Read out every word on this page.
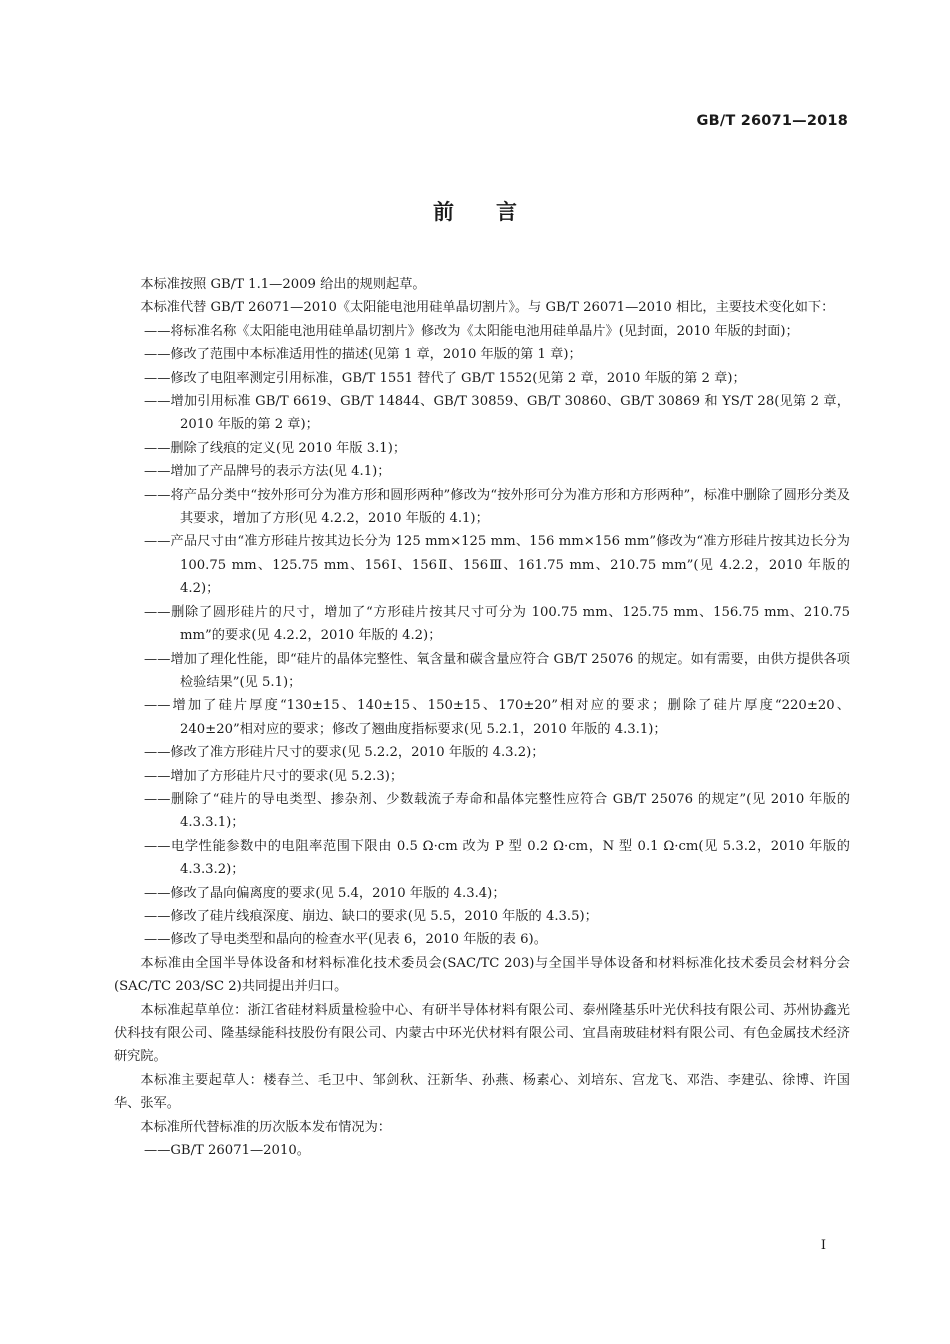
GB/T 26071—2018
前言

本标准按照 GB/T 1.1—2009 给出的规则起草。

本标准代替 GB/T 26071—2010《太阳能电池用硅单晶切割片》。与 GB/T 26071—2010 相比，主要技术变化如下：

——将标准名称《太阳能电池用硅单晶切割片》修改为《太阳能电池用硅单晶片》(见封面，2010 年版的封面)；

——修改了范围中本标准适用性的描述(见第 1 章，2010 年版的第 1 章)；

——修改了电阻率测定引用标准，GB/T 1551 替代了 GB/T 1552(见第 2 章，2010 年版的第 2 章)；

——增加引用标准 GB/T 6619、GB/T 14844、GB/T 30859、GB/T 30860、GB/T 30869 和 YS/T 28(见第 2 章，2010 年版的第 2 章)；

——删除了线痕的定义(见 2010 年版 3.1)；

——增加了产品牌号的表示方法(见 4.1)；

——将产品分类中“按外形可分为准方形和圆形两种”修改为“按外形可分为准方形和方形两种”，标准中删除了圆形分类及其要求，增加了方形(见 4.2.2，2010 年版的 4.1)；

——产品尺寸由“准方形硅片按其边长分为 125 mm×125 mm、156 mm×156 mm”修改为“准方形硅片按其边长分为 100.75 mm、125.75 mm、156Ⅰ、156Ⅱ、156Ⅲ、161.75 mm、210.75 mm”(见 4.2.2，2010 年版的 4.2)；

——删除了圆形硅片的尺寸，增加了“方形硅片按其尺寸可分为 100.75 mm、125.75 mm、156.75 mm、210.75 mm”的要求(见 4.2.2，2010 年版的 4.2)；

——增加了理化性能，即“硅片的晶体完整性、氧含量和碳含量应符合 GB/T 25076 的规定。如有需要，由供方提供各项检验结果”(见 5.1)；

——增加了硅片厚度“130±15、140±15、150±15、170±20”相对应的要求；删除了硅片厚度“220±20、240±20”相对应的要求；修改了翘曲度指标要求(见 5.2.1，2010 年版的 4.3.1)；

——修改了准方形硅片尺寸的要求(见 5.2.2，2010 年版的 4.3.2)；

——增加了方形硅片尺寸的要求(见 5.2.3)；

——删除了“硅片的导电类型、掺杂剂、少数载流子寿命和晶体完整性应符合 GB/T 25076 的规定”(见 2010 年版的 4.3.3.1)；

——电学性能参数中的电阻率范围下限由 0.5 Ω·cm 改为 P 型 0.2 Ω·cm，N 型 0.1 Ω·cm(见 5.3.2，2010 年版的 4.3.3.2)；

——修改了晶向偏离度的要求(见 5.4，2010 年版的 4.3.4)；

——修改了硅片线痕深度、崩边、缺口的要求(见 5.5，2010 年版的 4.3.5)；

——修改了导电类型和晶向的检查水平(见表 6，2010 年版的表 6)。

本标准由全国半导体设备和材料标准化技术委员会(SAC/TC 203)与全国半导体设备和材料标准化技术委员会材料分会(SAC/TC 203/SC 2)共同提出并归口。

本标准起草单位：浙江省硅材料质量检验中心、有研半导体材料有限公司、泰州隆基乐叶光伏科技有限公司、苏州协鑫光伏科技有限公司、隆基绿能科技股份有限公司、内蒙古中环光伏材料有限公司、宜昌南玻硅材料有限公司、有色金属技术经济研究院。

本标准主要起草人：楼春兰、毛卫中、邹剑秋、汪新华、孙燕、杨素心、刘培东、宫龙飞、邓浩、李建弘、徐博、许国华、张军。

本标准所代替标准的历次版本发布情况为：

——GB/T 26071—2010。

I
